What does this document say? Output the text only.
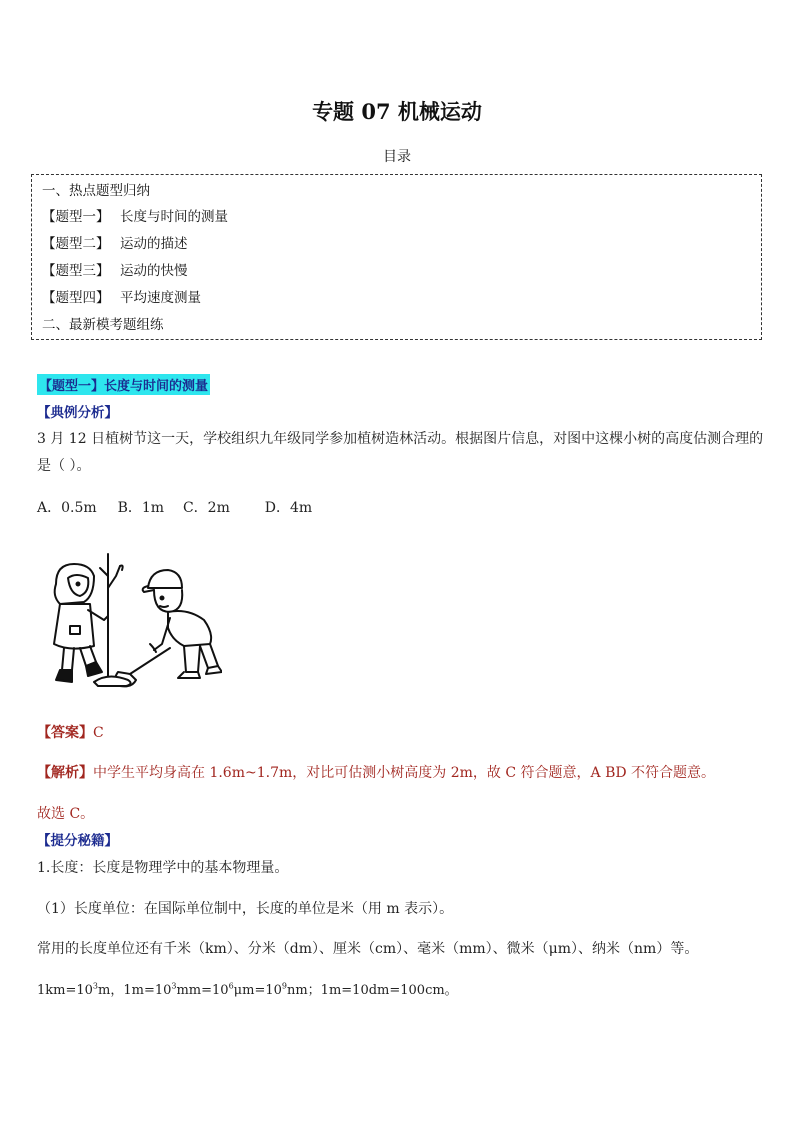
专题 07 机械运动
目录
一、热点题型归纳
【题型一】 长度与时间的测量
【题型二】 运动的描述
【题型三】 运动的快慢
【题型四】 平均速度测量
二、最新模考题组练
【题型一】长度与时间的测量
【典例分析】
3 月 12 日植树节这一天，学校组织九年级同学参加植树造林活动。根据图片信息，对图中这棵小树的高度估测合理的
是（ ）。
A．0.5m B．1m C．2m D．4m
【答案】C
【解析】中学生平均身高在 1.6m~1.7m，对比可估测小树高度为 2m，故 C 符合题意，A BD 不符合题意。
故选 C。
【提分秘籍】
1.长度：长度是物理学中的基本物理量。
（1）长度单位：在国际单位制中，长度的单位是米（用 m 表示）。
常用的长度单位还有千米（km）、分米（dm）、厘米（cm）、毫米（mm）、微米（μm）、纳米（nm）等。
$1km=10^3m$，$1m=10^3mm=10^6\mu m=10^9nm$；1m=10dm=100cm。
